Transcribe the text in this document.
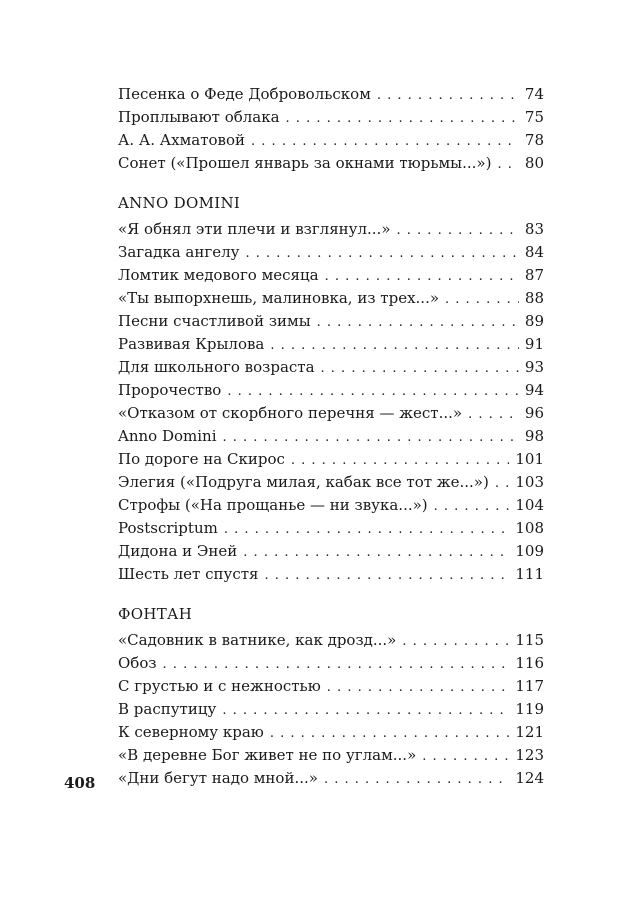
Песенка о Феде Добровольском . . .	74
Проплывают облака . . .	75
А. А. Ахматовой . . .	78
Сонет («Прошел январь за окнами тюрьмы...») . . . 80
ANNO DOMINI
«Я обнял эти плечи и взглянул...» . . .	83
Загадка ангелу . . .	84
Ломтик медового месяца . . .	87
«Ты выпорхнешь, малиновка, из трех...» . . .	88
Песни счастливой зимы . . .	89
Развивая Крылова . . .	91
Для школьного возраста . . .	93
Пророчество . . .	94
«Отказом от скорбного перечня — жест...» . . .	96
Anno Domini . . .	98
По дороге на Скирос . . .	101
Элегия («Подруга милая, кабак все тот же...») . . . 103
Строфы («На прощанье — ни звука...») . . .	104
Postscriptum . . .	108
Дидона и Эней . . .	109
Шесть лет спустя . . .	111
ФОНТАН
«Садовник в ватнике, как дрозд...» . . .	115
Обоз . . .	116
С грустью и с нежностью . . .	117
В распутицу . . .	119
К северному краю . . .	121
«В деревне Бог живет не по углам...» . . .	123
«Дни бегут надо мной...» . . .	124
408
